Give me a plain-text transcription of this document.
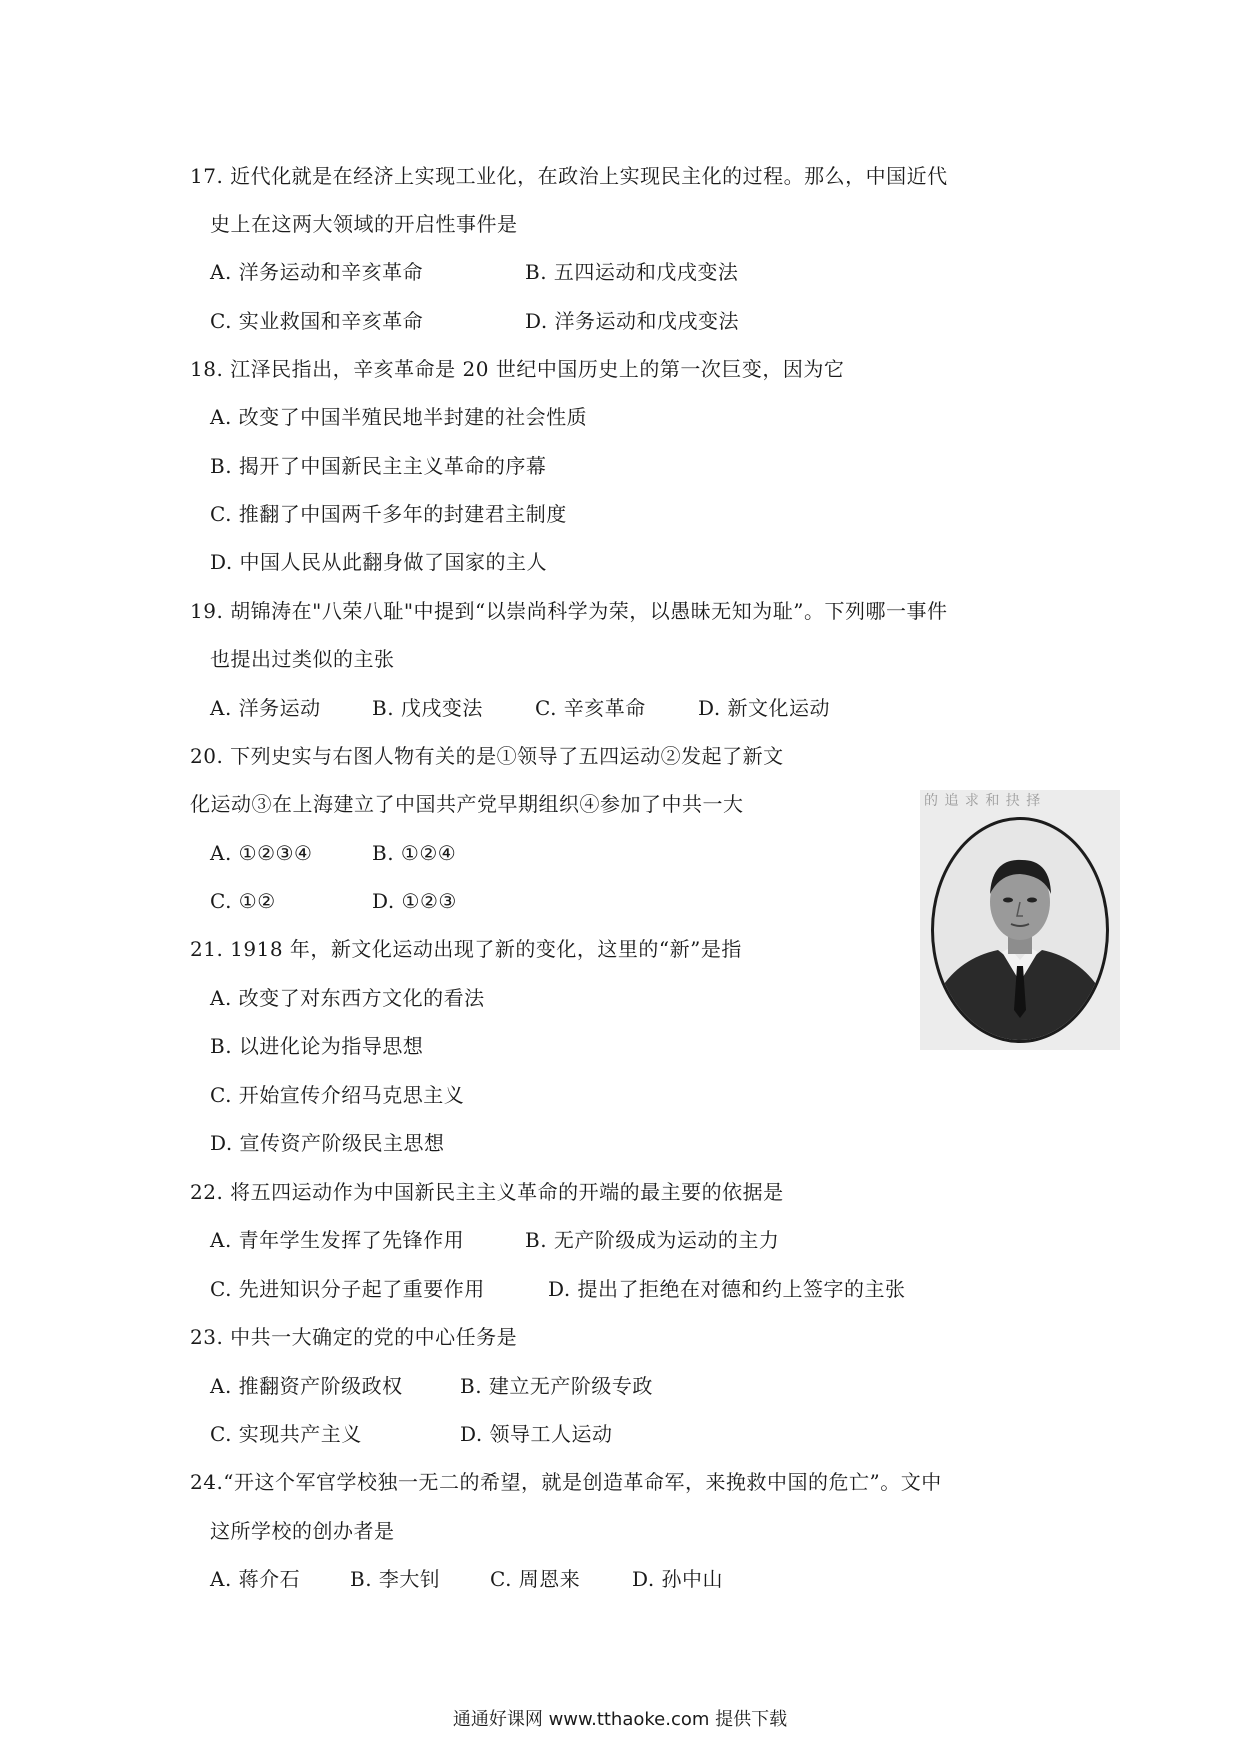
17. 近代化就是在经济上实现工业化，在政治上实现民主化的过程。那么，中国近代
史上在这两大领域的开启性事件是
A. 洋务运动和辛亥革命	B. 五四运动和戊戌变法
C. 实业救国和辛亥革命	D. 洋务运动和戊戌变法
18. 江泽民指出，辛亥革命是 20 世纪中国历史上的第一次巨变，因为它
A. 改变了中国半殖民地半封建的社会性质
B. 揭开了中国新民主主义革命的序幕
C. 推翻了中国两千多年的封建君主制度
D. 中国人民从此翻身做了国家的主人
19. 胡锦涛在"八荣八耻"中提到“以崇尚科学为荣，以愚昧无知为耻”。下列哪一事件
也提出过类似的主张
A. 洋务运动	B. 戊戌变法	C. 辛亥革命	D. 新文化运动
20. 下列史实与右图人物有关的是①领导了五四运动②发起了新文
化运动③在上海建立了中国共产党早期组织④参加了中共一大
A. ①②③④	B. ①②④
C. ①②	D. ①②③
的 追 求 和 抉 择
21. 1918 年，新文化运动出现了新的变化，这里的“新”是指
A. 改变了对东西方文化的看法
B. 以进化论为指导思想
C. 开始宣传介绍马克思主义
D. 宣传资产阶级民主思想
22. 将五四运动作为中国新民主主义革命的开端的最主要的依据是
A. 青年学生发挥了先锋作用	B. 无产阶级成为运动的主力
C. 先进知识分子起了重要作用	D. 提出了拒绝在对德和约上签字的主张
23. 中共一大确定的党的中心任务是
A. 推翻资产阶级政权	B. 建立无产阶级专政
C. 实现共产主义	D. 领导工人运动
24.“开这个军官学校独一无二的希望，就是创造革命军，来挽救中国的危亡”。文中
这所学校的创办者是
A. 蒋介石 B. 李大钊 C. 周恩来	D. 孙中山
通通好课网 www.tthaoke.com 提供下载
